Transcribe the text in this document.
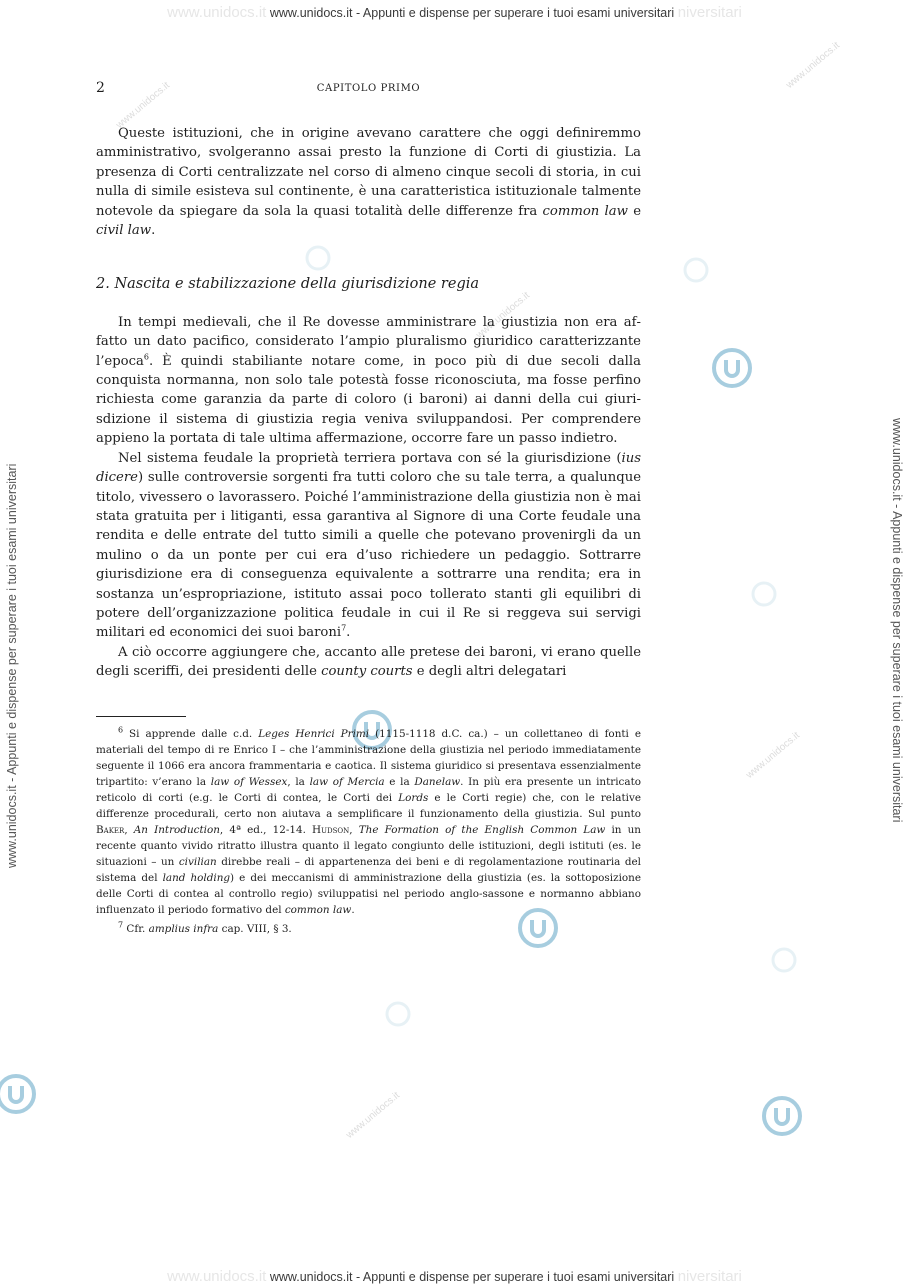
www.unidocs.it www.unidocs.it - Appunti e dispense per superare i tuoi esami universitari niversitari
www.unidocs.it www.unidocs.it - Appunti e dispense per superare i tuoi esami universitari niversitari
www.unidocs.it - Appunti e dispense per superare i tuoi esami universitari	www.unidocs.it - Appunti e dispense per superare i tuoi esami universitari
www.unidocs.it
www.unidocs.it
www.unidocs.it
www.unidocs.it
www.unidocs.it
2	CAPITOLO PRIMO

Queste istituzioni, che in origine avevano carattere che oggi definiremmo amministrativo, svolgeranno assai presto la funzione di Corti di giustizia. La presenza di Corti centralizzate nel corso di almeno cinque secoli di storia, in cui nulla di simile esisteva sul continente, è una caratteristica istituzionale talmente notevole da spiegare da sola la quasi totalità delle differenze fra common law e civil law.

2. Nascita e stabilizzazione della giurisdizione regia

In tempi medievali, che il Re dovesse amministrare la giustizia non era affatto un dato pacifico, considerato l’ampio pluralismo giuridico caratterizzante l’epoca$^6$. È quindi stabiliante notare come, in poco più di due secoli dalla conquista normanna, non solo tale potestà fosse riconosciuta, ma fosse perfino richiesta come garanzia da parte di coloro (i baroni) ai danni della cui giurisdizione il sistema di giustizia regia veniva sviluppandosi. Per comprendere appieno la portata di tale ultima affermazione, occorre fare un passo indietro.

Nel sistema feudale la proprietà terriera portava con sé la giurisdizione (ius dicere) sulle controversie sorgenti fra tutti coloro che su tale terra, a qualunque titolo, vivessero o lavorassero. Poiché l’amministrazione della giustizia non è mai stata gratuita per i litiganti, essa garantiva al Signore di una Corte feudale una rendita e delle entrate del tutto simili a quelle che potevano provenirgli da un mulino o da un ponte per cui era d’uso richiedere un pedaggio. Sottrarre giurisdizione era di conseguenza equivalente a sottrarre una rendita; era in sostanza un’espropriazione, istituto assai poco tollerato stanti gli equilibri di potere dell’organizzazione politica feudale in cui il Re si reggeva sui servigi militari ed economici dei suoi baroni$^7$.

A ciò occorre aggiungere che, accanto alle pretese dei baroni, vi erano quelle degli sceriffi, dei presidenti delle county courts e degli altri delegatari

$^6$ Si apprende dalle c.d. Leges Henrici Primi (1115-1118 d.C. ca.) – un collettaneo di fonti e materiali del tempo di re Enrico I – che l’amministrazione della giustizia nel periodo immediatamente seguente il 1066 era ancora frammentaria e caotica. Il sistema giuridico si presentava essenzialmente tripartito: v’erano la law of Wessex, la law of Mercia e la Danelaw. In più era presente un intricato reticolo di corti (e.g. le Corti di contea, le Corti dei Lords e le Corti regie) che, con le relative differenze procedurali, certo non aiutava a semplificare il funzionamento della giustizia. Sul punto Baker, An Introduction, 4ª ed., 12-14. Hudson, The Formation of the English Common Law in un recente quanto vivido ritratto illustra quanto il legato congiunto delle istituzioni, degli istituti (es. le situazioni – un civilian direbbe reali – di appartenenza dei beni e di regolamentazione routinaria del sistema del land holding) e dei meccanismi di amministrazione della giustizia (es. la sottoposizione delle Corti di contea al controllo regio) sviluppatisi nel periodo anglo-sassone e normanno abbiano influenzato il periodo formativo del common law.

$^7$ Cfr. amplius infra cap. VIII, § 3.
